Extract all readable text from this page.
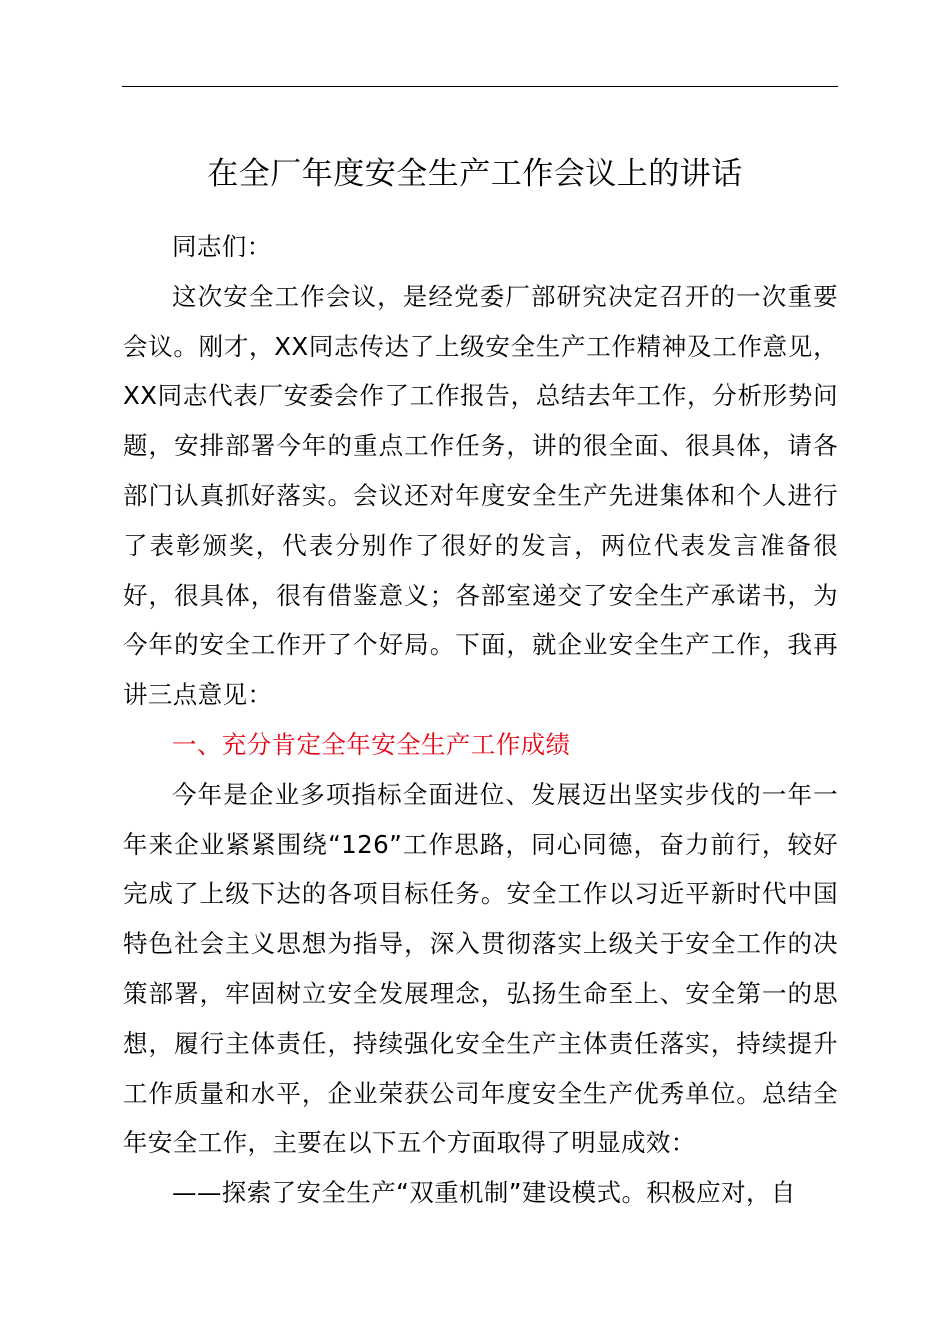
在全厂年度安全生产工作会议上的讲话

同志们：

这次安全工作会议，是经党委厂部研究决定召开的一次重要会议。刚才，XX同志传达了上级安全生产工作精神及工作意见，XX同志代表厂安委会作了工作报告，总结去年工作，分析形势问题，安排部署今年的重点工作任务，讲的很全面、很具体，请各部门认真抓好落实。会议还对年度安全生产先进集体和个人进行了表彰颁奖，代表分别作了很好的发言，两位代表发言准备很好，很具体，很有借鉴意义；各部室递交了安全生产承诺书，为今年的安全工作开了个好局。下面，就企业安全生产工作，我再讲三点意见：

一、充分肯定全年安全生产工作成绩

今年是企业多项指标全面进位、发展迈出坚实步伐的一年一年来企业紧紧围绕“126”工作思路，同心同德，奋力前行，较好完成了上级下达的各项目标任务。安全工作以习近平新时代中国特色社会主义思想为指导，深入贯彻落实上级关于安全工作的决策部署，牢固树立安全发展理念，弘扬生命至上、安全第一的思想，履行主体责任，持续强化安全生产主体责任落实，持续提升工作质量和水平，企业荣获公司年度安全生产优秀单位。总结全年安全工作，主要在以下五个方面取得了明显成效：

——探索了安全生产“双重机制”建设模式。积极应对，自
